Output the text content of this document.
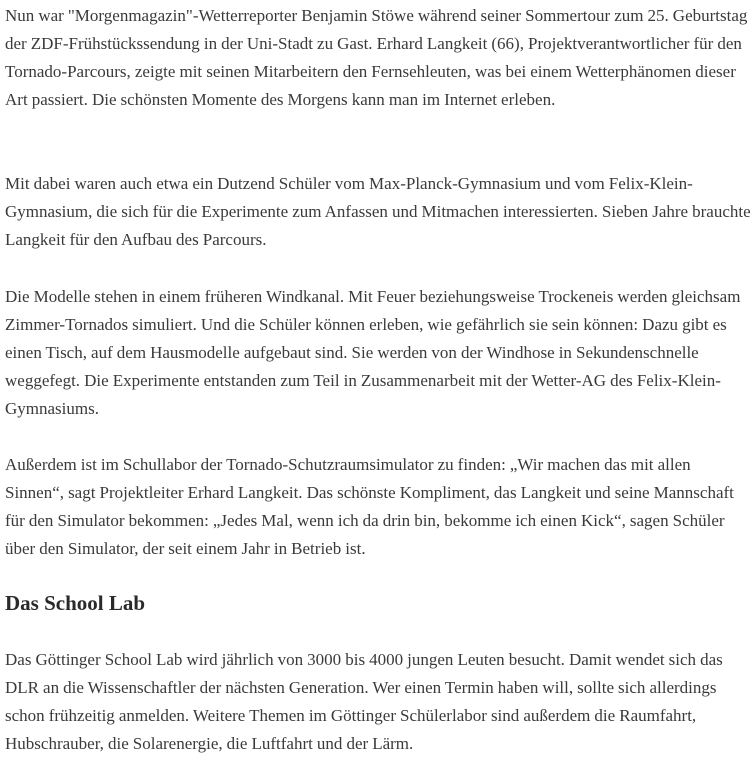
Nun war "Morgenmagazin"-Wetterreporter Benjamin Stöwe während seiner Sommertour zum 25. Geburtstag der ZDF-Frühstückssendung in der Uni-Stadt zu Gast. Erhard Langkeit (66), Projektverantwortlicher für den Tornado-Parcours, zeigte mit seinen Mitarbeitern den Fernsehleuten, was bei einem Wetterphänomen dieser Art passiert. Die schönsten Momente des Morgens kann man im Internet erleben.

Mit dabei waren auch etwa ein Dutzend Schüler vom Max-Planck-Gymnasium und vom Felix-Klein-Gymnasium, die sich für die Experimente zum Anfassen und Mitmachen interessierten. Sieben Jahre brauchte Langkeit für den Aufbau des Parcours.

Die Modelle stehen in einem früheren Windkanal. Mit Feuer beziehungsweise Trockeneis werden gleichsam Zimmer-Tornados simuliert. Und die Schüler können erleben, wie gefährlich sie sein können: Dazu gibt es einen Tisch, auf dem Hausmodelle aufgebaut sind. Sie werden von der Windhose in Sekundenschnelle weggefegt. Die Experimente entstanden zum Teil in Zusammenarbeit mit der Wetter-AG des Felix-Klein-Gymnasiums.

Außerdem ist im Schullabor der Tornado-Schutzraumsimulator zu finden: „Wir machen das mit allen Sinnen“, sagt Projektleiter Erhard Langkeit. Das schönste Kompliment, das Langkeit und seine Mannschaft für den Simulator bekommen: „Jedes Mal, wenn ich da drin bin, bekomme ich einen Kick“, sagen Schüler über den Simulator, der seit einem Jahr in Betrieb ist.

Das School Lab

Das Göttinger School Lab wird jährlich von 3000 bis 4000 jungen Leuten besucht. Damit wendet sich das DLR an die Wissenschaftler der nächsten Generation. Wer einen Termin haben will, sollte sich allerdings schon frühzeitig anmelden. Weitere Themen im Göttinger Schülerlabor sind außerdem die Raumfahrt, Hubschrauber, die Solarenergie, die Luftfahrt und der Lärm.
